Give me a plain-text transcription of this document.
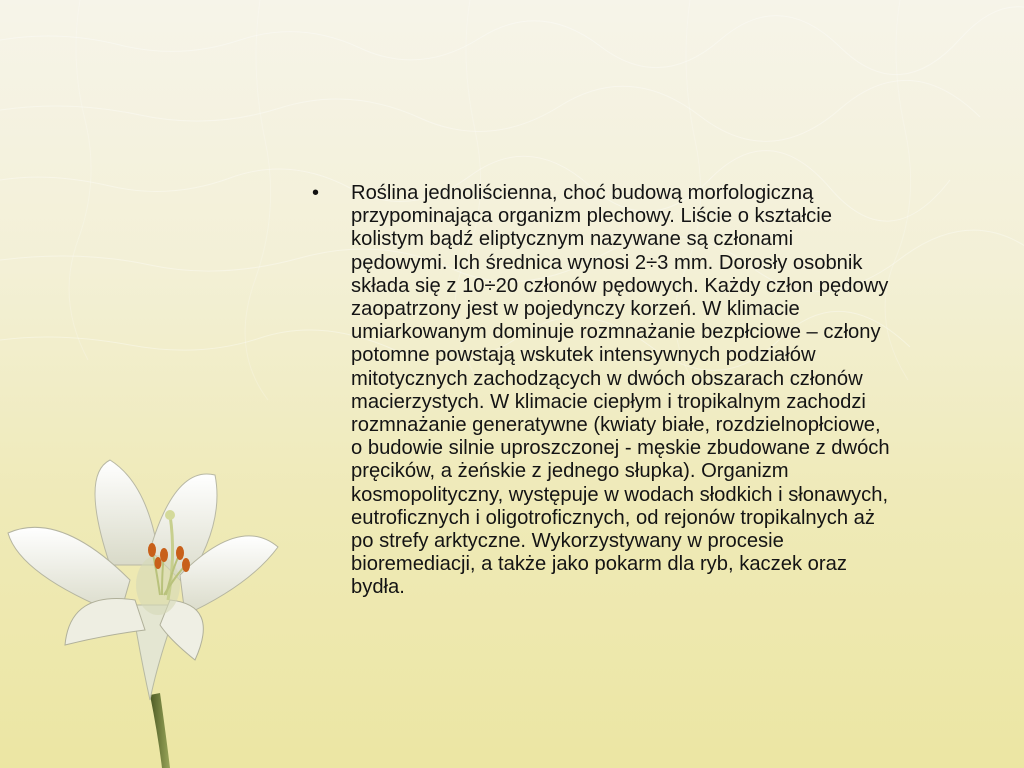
•	Roślina jednoliścienna, choć budową morfologiczną
przypominająca organizm plechowy. Liście o kształcie
kolistym bądź eliptycznym nazywane są członami
pędowymi. Ich średnica wynosi 2÷3 mm. Dorosły osobnik
składa się z 10÷20 członów pędowych. Każdy człon pędowy
zaopatrzony jest w pojedynczy korzeń. W klimacie
umiarkowanym dominuje rozmnażanie bezpłciowe – człony
potomne powstają wskutek intensywnych podziałów
mitotycznych zachodzących w dwóch obszarach członów
macierzystych. W klimacie ciepłym i tropikalnym zachodzi
rozmnażanie generatywne (kwiaty białe, rozdzielnopłciowe,
o budowie silnie uproszczonej - męskie zbudowane z dwóch
pręcików, a żeńskie z jednego słupka). Organizm
kosmopolityczny, występuje w wodach słodkich i słonawych,
eutroficznych i oligotroficznych, od rejonów tropikalnych aż
po strefy arktyczne. Wykorzystywany w procesie
bioremediacji, a także jako pokarm dla ryb, kaczek oraz
bydła.
